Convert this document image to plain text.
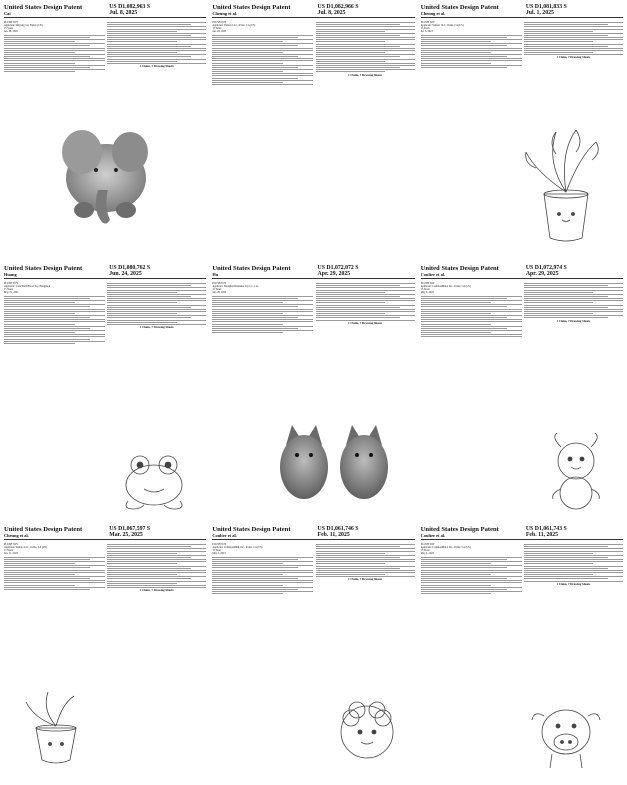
United States Design Patent
Cai
US D1,082,963 S
Jul. 8, 2025
PLUSH TOY
Applicant: Dalyang Cai, Fujian (CN)
15 Years
Jan. 28, 2022
1 Claim, 3 Drawing Sheets
United States Design Patent
Cheung et al.
US D1,082,966 S
Jul. 8, 2025
PLUSH TOY
Applicant: Yamato LLC, Irvine, CA (US)
15 Years
Jan. 20, 2023
1 Claim, 7 Drawing Sheets
United States Design Patent
Cheung et al.
US D1,081,833 S
Jul. 1, 2025
PLUSH TOY
Applicant: Yamato LLC, Irvine, CA (US)
15 Years
Jul. 6, 2023
1 Claim, 7 Drawing Sheets
United States Design Patent
Huang
US D1,080,762 S
Jun. 24, 2025
PLUSH TOY
Applicant: Lotte Wolf Blood Toy, Hangzhou
15 Years
May 31, 2021
1 Claim, 7 Drawing Sheets
United States Design Patent
Hu
US D1,072,072 S
Apr. 29, 2025
PLUSH TOY
Applicant: Shanghai Deliesine Toy Co., Ltd.
15 Years
Jan. 29, 2023
1 Claim, 7 Drawing Sheets
United States Design Patent
Coulter et al.
US D1,072,974 S
Apr. 29, 2025
PLUSH TOY
Applicant: CommonMind, Inc., Irvine, CA (US)
15 Years
May 4, 2023
1 Claim, 7 Drawing Sheets
United States Design Patent
Cheung et al.
US D1,067,597 S
Mar. 25, 2025
PLUSH TOY
Applicant: Yamato LLC, Irvine, CA (US)
15 Years
Jan. 21, 2023
1 Claim, 7 Drawing Sheets
United States Design Patent
Coulter et al.
US D1,061,746 S
Feb. 11, 2025
PLUSH TOY
Applicant: CommonMind, Inc., Irvine, CA (US)
15 Years
May 4, 2023
1 Claim, 7 Drawing Sheets
United States Design Patent
Coulter et al.
US D1,061,743 S
Feb. 11, 2025
PLUSH TOY
Applicant: CommonMind, Inc., Irvine, CA (US)
15 Years
May 4, 2023
1 Claim, 7 Drawing Sheets
